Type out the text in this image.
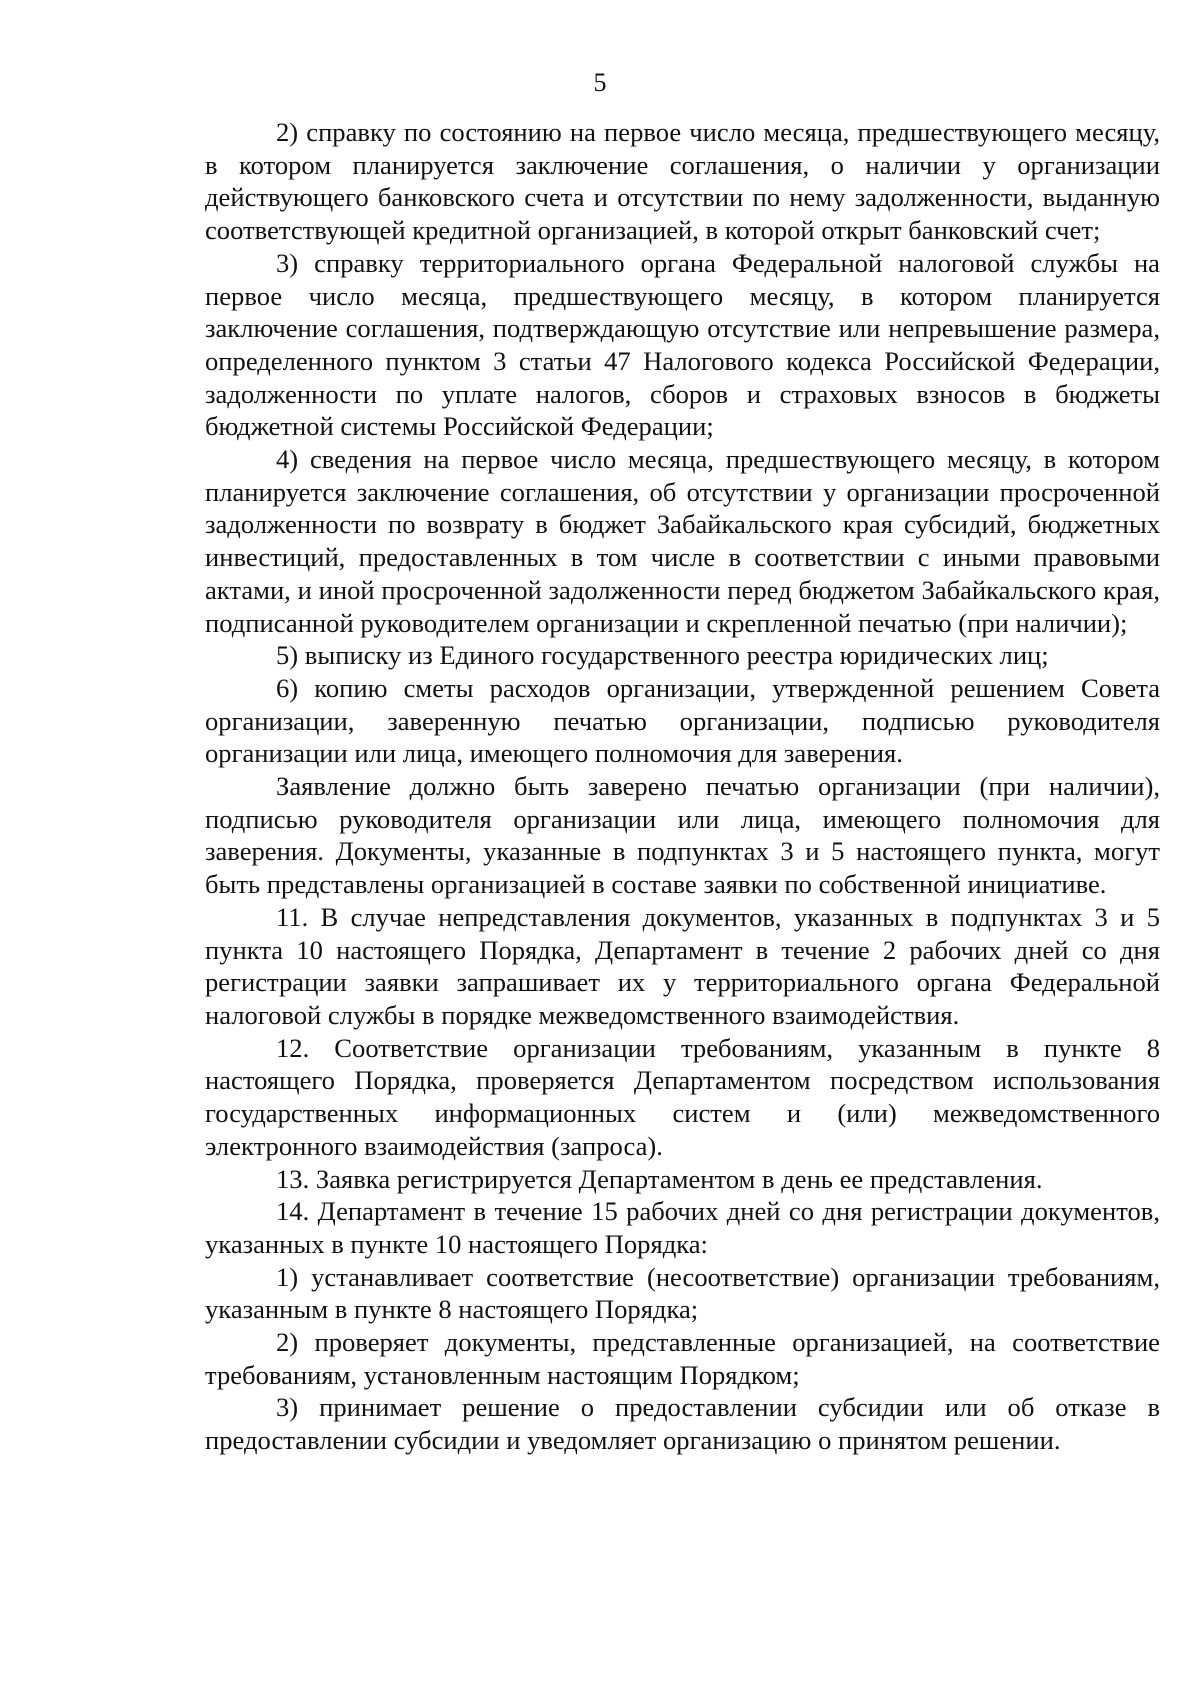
5

2) справку по состоянию на первое число месяца, предшествующего месяцу, в котором планируется заключение соглашения, о наличии у организации действующего банковского счета и отсутствии по нему задолженности, выданную соответствующей кредитной организацией, в которой открыт банковский счет;

3) справку территориального органа Федеральной налоговой службы на первое число месяца, предшествующего месяцу, в котором планируется заключение соглашения, подтверждающую отсутствие или непревышение размера, определенного пунктом 3 статьи 47 Налогового кодекса Российской Федерации, задолженности по уплате налогов, сборов и страховых взносов в бюджеты бюджетной системы Российской Федерации;

4) сведения на первое число месяца, предшествующего месяцу, в котором планируется заключение соглашения, об отсутствии у организации просроченной задолженности по возврату в бюджет Забайкальского края субсидий, бюджетных инвестиций, предоставленных в том числе в соответствии с иными правовыми актами, и иной просроченной задолженности перед бюджетом Забайкальского края, подписанной руководителем организации и скрепленной печатью (при наличии);

5) выписку из Единого государственного реестра юридических лиц;

6) копию сметы расходов организации, утвержденной решением Совета организации, заверенную печатью организации, подписью руководителя организации или лица, имеющего полномочия для заверения.

Заявление должно быть заверено печатью организации (при наличии), подписью руководителя организации или лица, имеющего полномочия для заверения. Документы, указанные в подпунктах 3 и 5 настоящего пункта, могут быть представлены организацией в составе заявки по собственной инициативе.

11. В случае непредставления документов, указанных в подпунктах 3 и 5 пункта 10 настоящего Порядка, Департамент в течение 2 рабочих дней со дня регистрации заявки запрашивает их у территориального органа Федеральной налоговой службы в порядке межведомственного взаимодействия.

12. Соответствие организации требованиям, указанным в пункте 8 настоящего Порядка, проверяется Департаментом посредством использования государственных информационных систем и (или) межведомственного электронного взаимодействия (запроса).

13. Заявка регистрируется Департаментом в день ее представления.

14. Департамент в течение 15 рабочих дней со дня регистрации документов, указанных в пункте 10 настоящего Порядка:

1) устанавливает соответствие (несоответствие) организации требованиям, указанным в пункте 8 настоящего Порядка;

2) проверяет документы, представленные организацией, на соответствие требованиям, установленным настоящим Порядком;

3) принимает решение о предоставлении субсидии или об отказе в предоставлении субсидии и уведомляет организацию о принятом решении.
